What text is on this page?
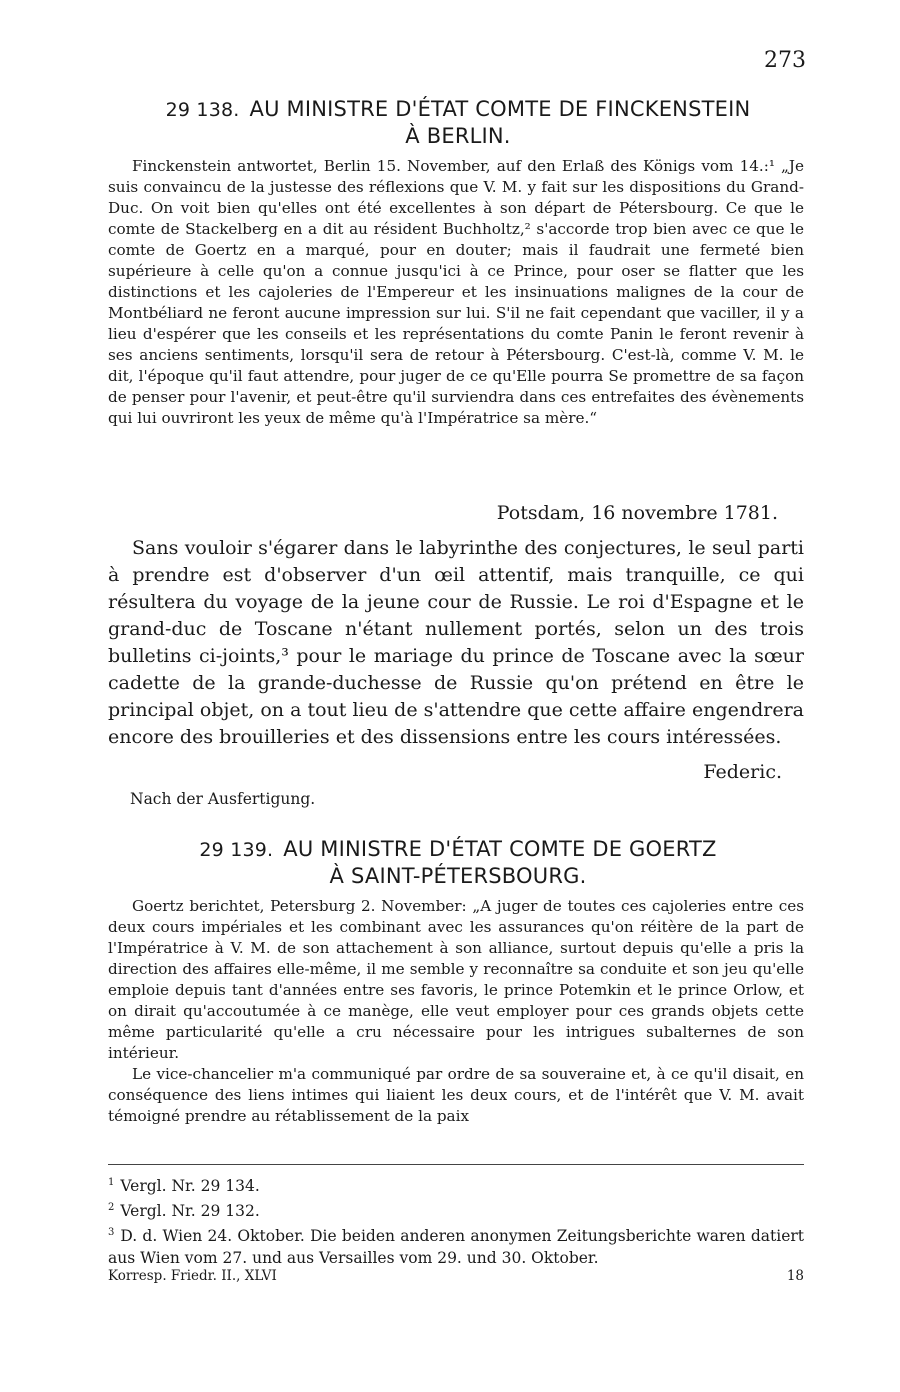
273
29 138. AU MINISTRE D'ÉTAT COMTE DE FINCKENSTEIN
À BERLIN.

Finckenstein antwortet, Berlin 15. November, auf den Erlaß des Königs vom 14.:¹ „Je suis convaincu de la justesse des réflexions que V. M. y fait sur les dispositions du Grand-Duc. On voit bien qu'elles ont été excellentes à son départ de Pétersbourg. Ce que le comte de Stackelberg en a dit au résident Buchholtz,² s'accorde trop bien avec ce que le comte de Goertz en a marqué, pour en douter; mais il faudrait une fermeté bien supérieure à celle qu'on a connue jusqu'ici à ce Prince, pour oser se flatter que les distinctions et les cajoleries de l'Empereur et les insinuations malignes de la cour de Montbéliard ne feront aucune impression sur lui. S'il ne fait cependant que vaciller, il y a lieu d'espérer que les conseils et les représentations du comte Panin le feront revenir à ses anciens sentiments, lorsqu'il sera de retour à Pétersbourg. C'est-là, comme V. M. le dit, l'époque qu'il faut attendre, pour juger de ce qu'Elle pourra Se promettre de sa façon de penser pour l'avenir, et peut-être qu'il surviendra dans ces entrefaites des évènements qui lui ouvriront les yeux de même qu'à l'Impératrice sa mère.“

Potsdam, 16 novembre 1781.

Sans vouloir s'égarer dans le labyrinthe des conjectures, le seul parti à prendre est d'observer d'un œil attentif, mais tranquille, ce qui résultera du voyage de la jeune cour de Russie. Le roi d'Espagne et le grand-duc de Toscane n'étant nullement portés, selon un des trois bulletins ci-joints,³ pour le mariage du prince de Toscane avec la sœur cadette de la grande-duchesse de Russie qu'on prétend en être le principal objet, on a tout lieu de s'attendre que cette affaire engendrera encore des brouilleries et des dissensions entre les cours intéressées.

Federic.
Nach der Ausfertigung.
29 139. AU MINISTRE D'ÉTAT COMTE DE GOERTZ
À SAINT-PÉTERSBOURG.

Goertz berichtet, Petersburg 2. November: „A juger de toutes ces cajoleries entre ces deux cours impériales et les combinant avec les assurances qu'on réitère de la part de l'Impératrice à V. M. de son attachement à son alliance, surtout depuis qu'elle a pris la direction des affaires elle-même, il me semble y reconnaître sa conduite et son jeu qu'elle emploie depuis tant d'années entre ses favoris, le prince Potemkin et le prince Orlow, et on dirait qu'accoutumée à ce manège, elle veut employer pour ces grands objets cette même particularité qu'elle a cru nécessaire pour les intrigues subalternes de son intérieur.

Le vice-chancelier m'a communiqué par ordre de sa souveraine et, à ce qu'il disait, en conséquence des liens intimes qui liaient les deux cours, et de l'intérêt que V. M. avait témoigné prendre au rétablissement de la paix

$^1$ Vergl. Nr. 29 134.
$^2$ Vergl. Nr. 29 132.
$^3$ D. d. Wien 24. Oktober. Die beiden anderen anonymen Zeitungsberichte waren datiert aus Wien vom 27. und aus Versailles vom 29. und 30. Oktober.
Korresp. Friedr. II., XLVI	18
